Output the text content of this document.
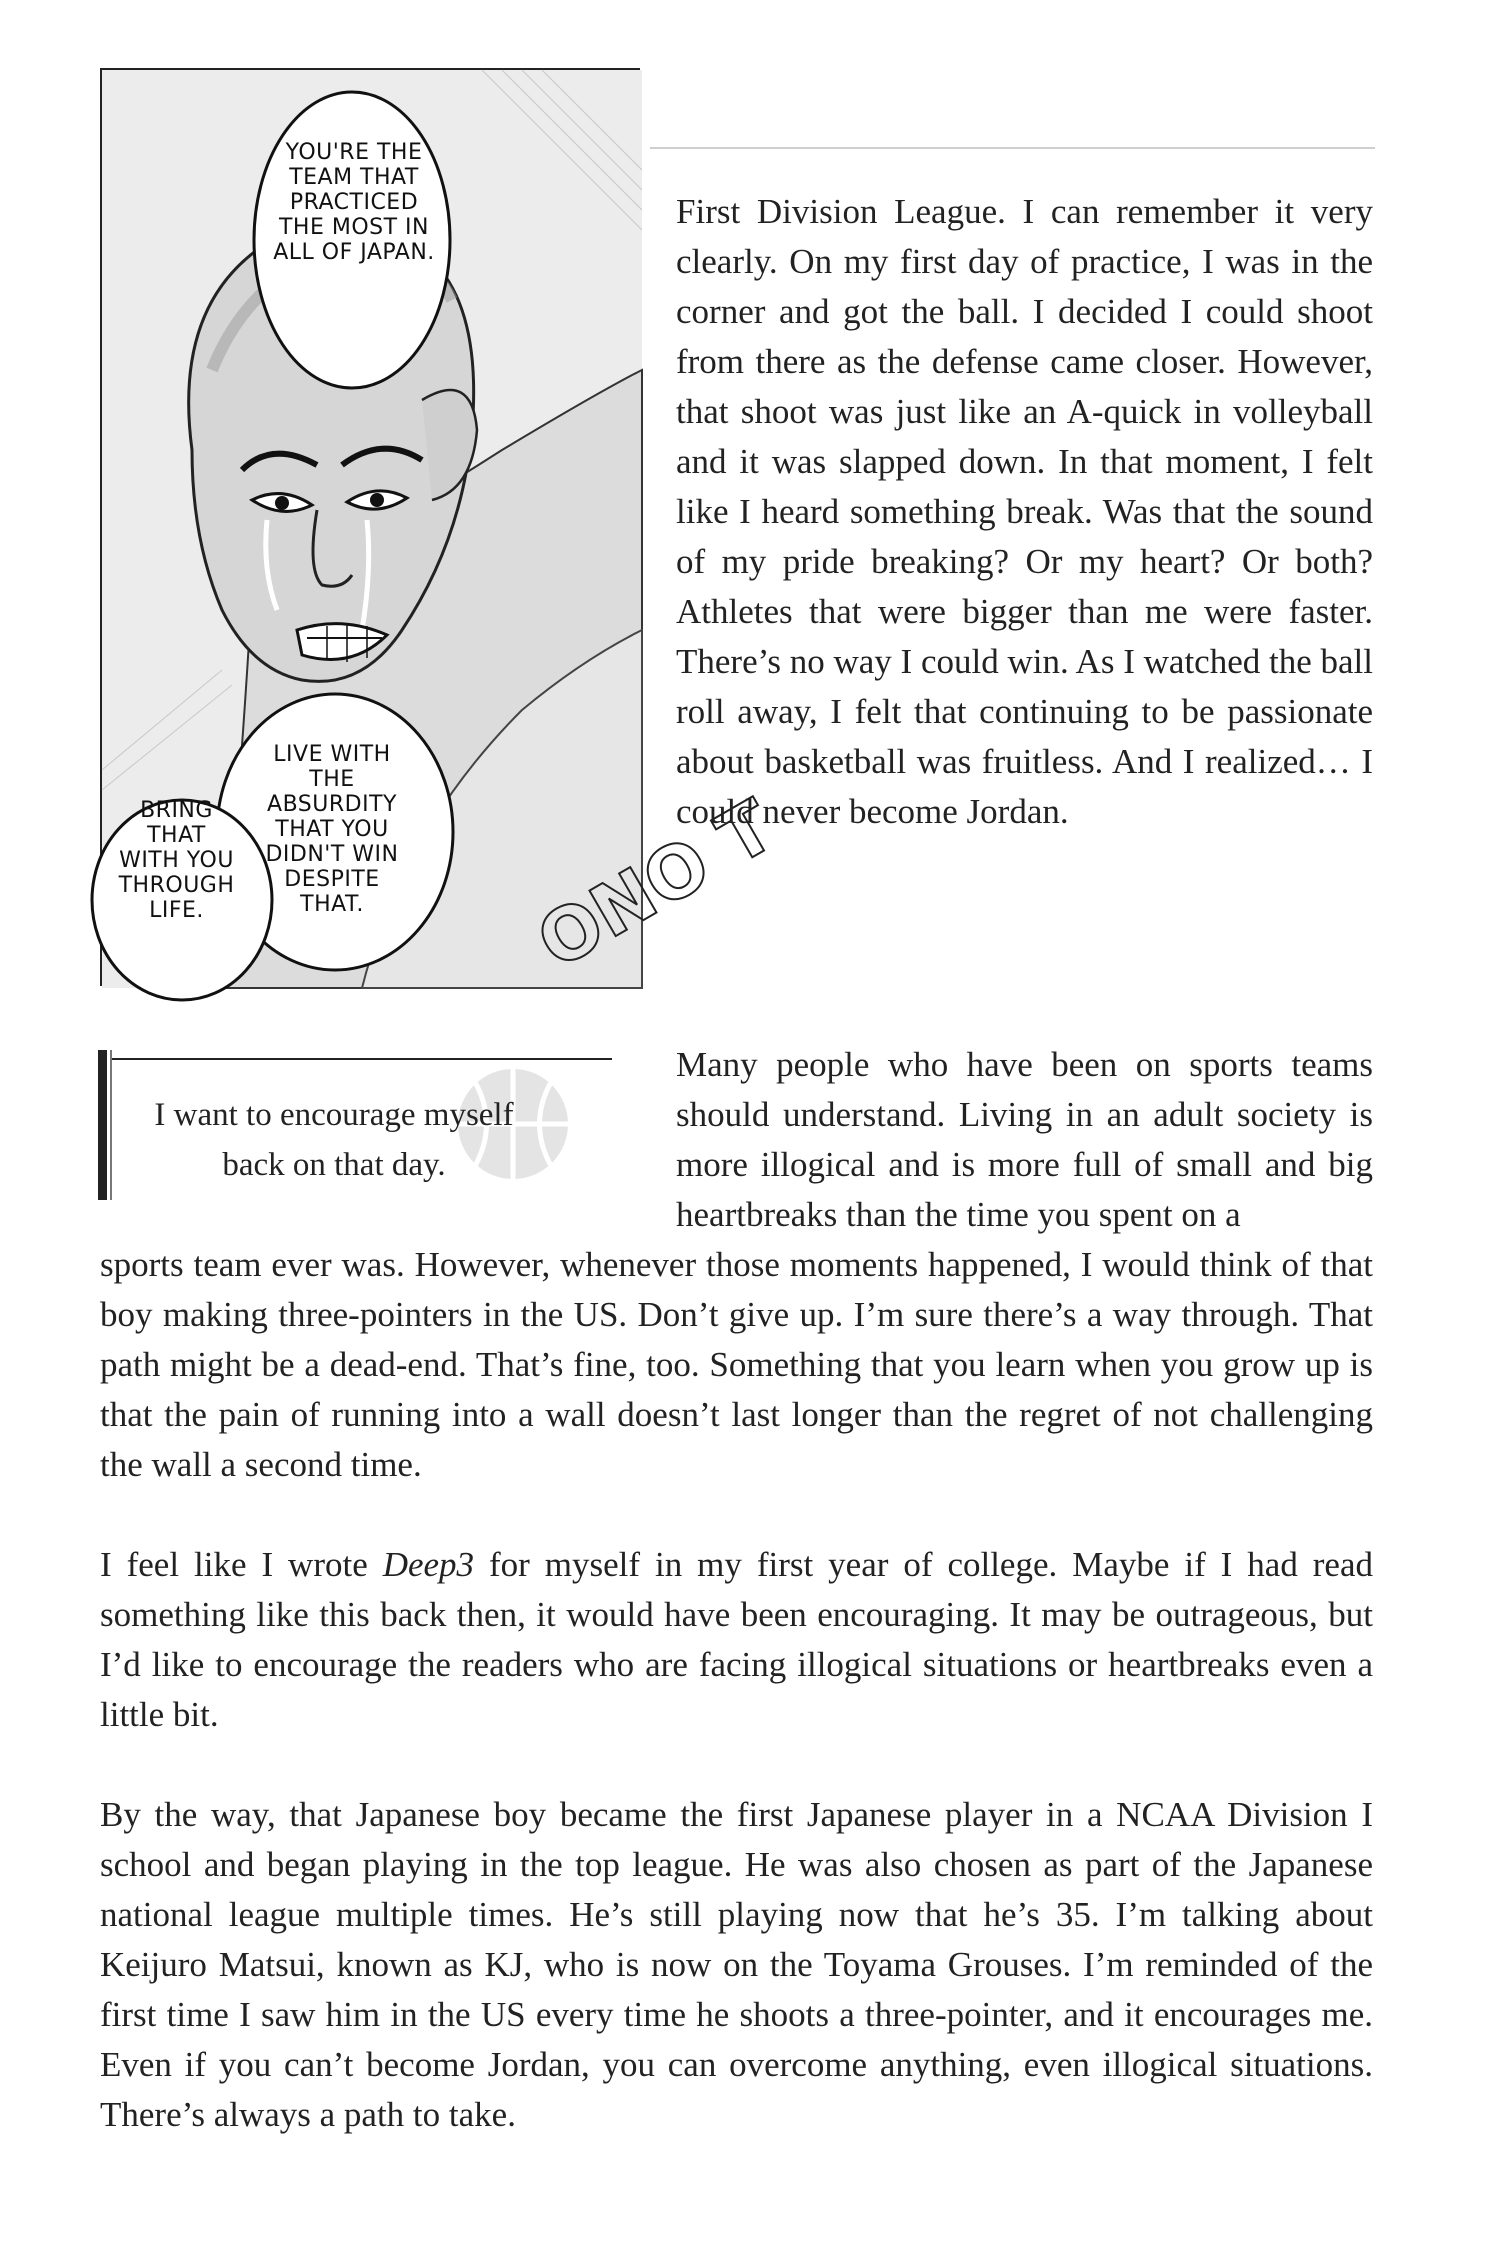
ONO T
YOU'RE THE TEAM THAT PRACTICED THE MOST IN ALL OF JAPAN.
LIVE WITH THE ABSURDITY THAT YOU DIDN'T WIN DESPITE THAT.
BRING THAT WITH YOU THROUGH LIFE.

First Division League. I can remember it very clearly. On my first day of practice, I was in the corner and got the ball. I decided I could shoot from there as the defense came closer. However, that shoot was just like an A-quick in volleyball and it was slapped down. In that moment, I felt like I heard something break. Was that the sound of my pride breaking? Or my heart? Or both? Athletes that were bigger than me were faster. There’s no way I could win. As I watched the ball roll away, I felt that continuing to be passionate about basketball was fruitless. And I realized… I could never become Jordan.

I want to encourage myself back on that day.

Many people who have been on sports teams should understand. Living in an adult society is more illogical and is more full of small and big heartbreaks than the time you spent on a

sports team ever was. However, whenever those moments happened, I would think of that boy making three-pointers in the US. Don’t give up. I’m sure there’s a way through. That path might be a dead-end. That’s fine, too. Something that you learn when you grow up is that the pain of running into a wall doesn’t last longer than the regret of not challenging the wall a second time.

I feel like I wrote Deep3 for myself in my first year of college. Maybe if I had read something like this back then, it would have been encouraging. It may be outrageous, but I’d like to encourage the readers who are facing illogical situations or heartbreaks even a little bit.

By the way, that Japanese boy became the first Japanese player in a NCAA Division I school and began playing in the top league. He was also chosen as part of the Japanese national league multiple times. He’s still playing now that he’s 35. I’m talking about Keijuro Matsui, known as KJ, who is now on the Toyama Grouses. I’m reminded of the first time I saw him in the US every time he shoots a three-pointer, and it encourages me. Even if you can’t become Jordan, you can overcome anything, even illogical situations. There’s always a path to take.
